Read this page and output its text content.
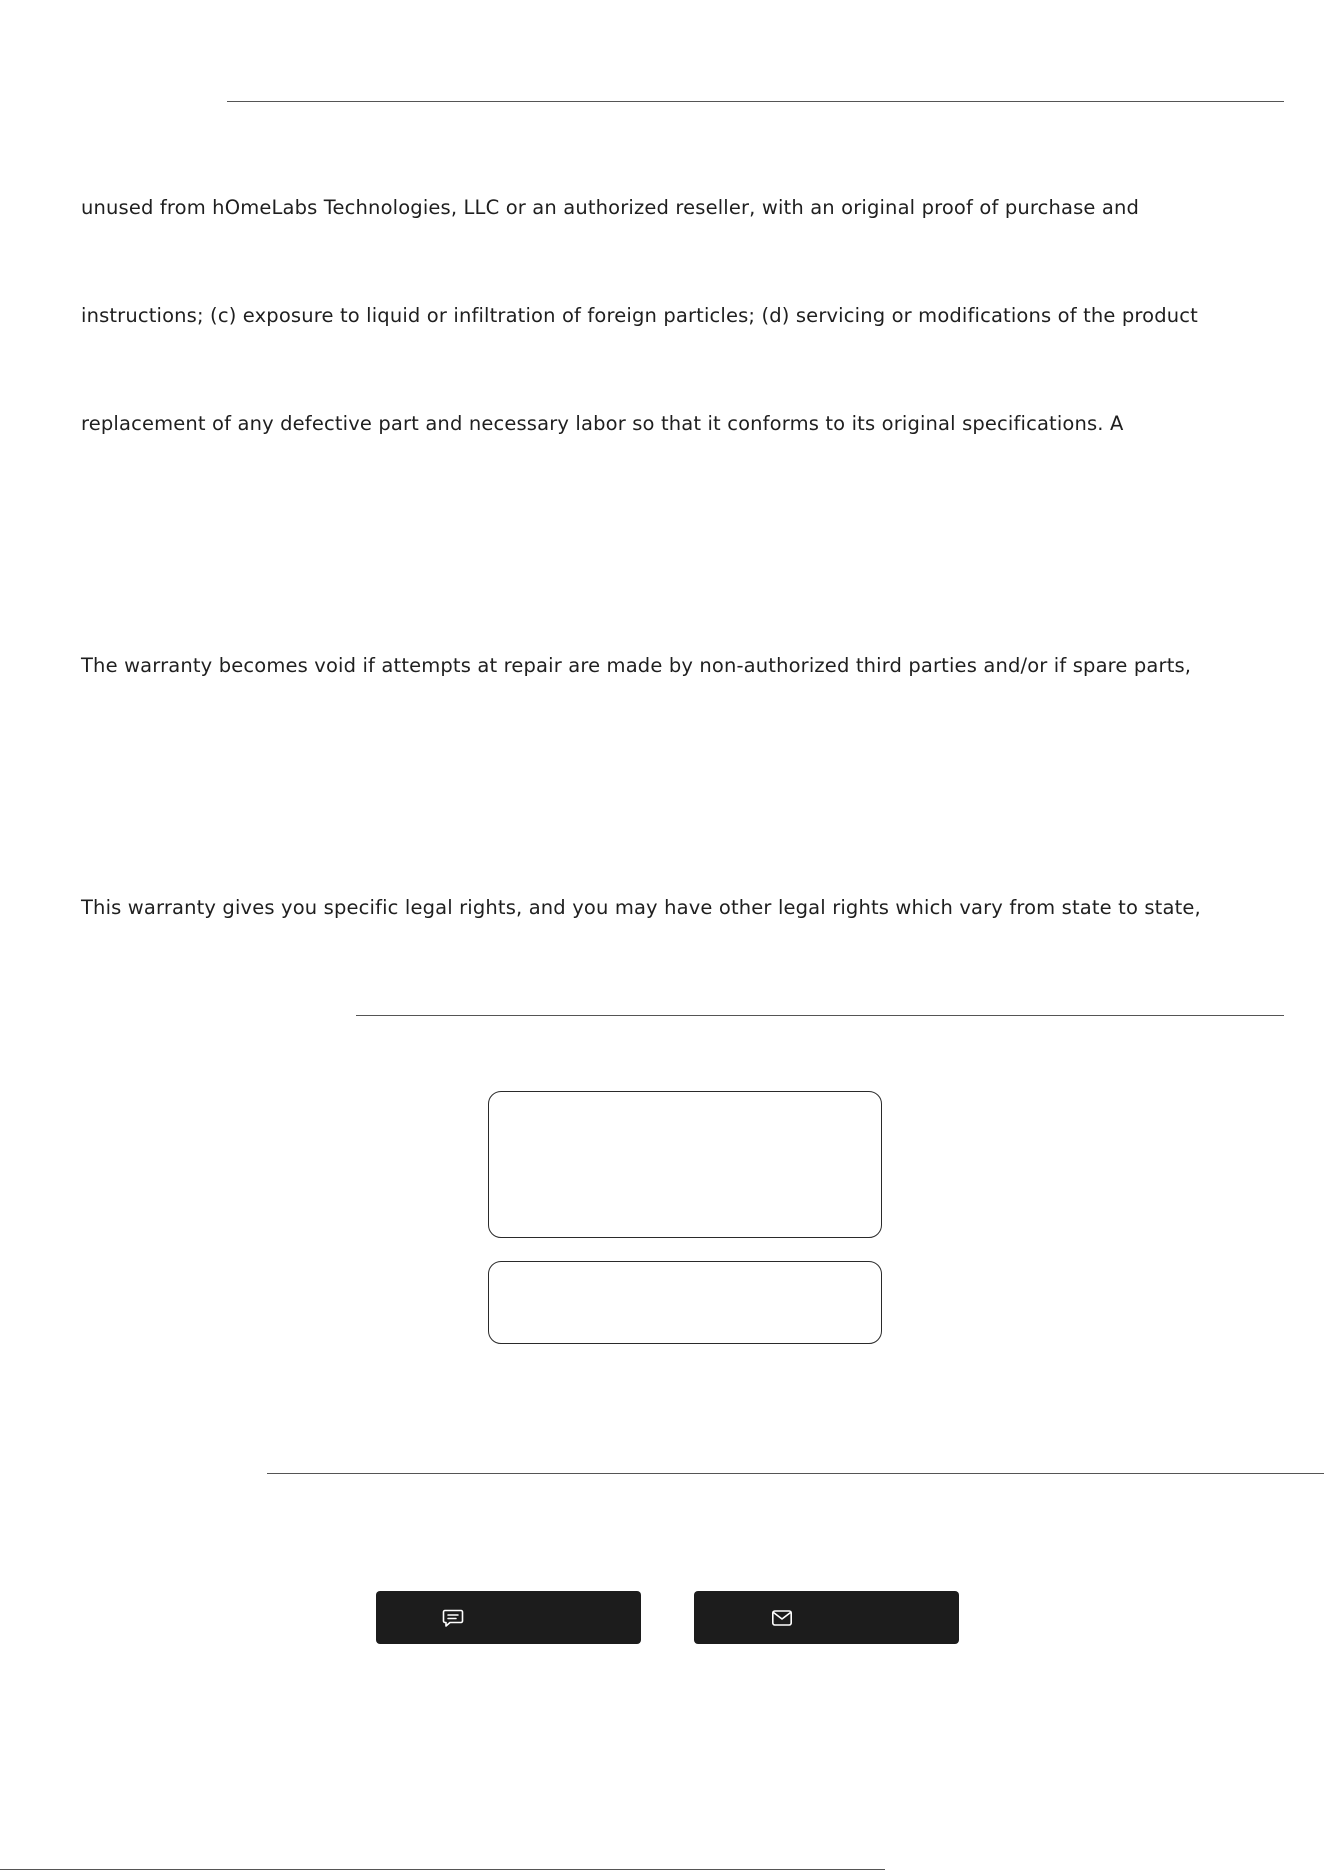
unused from hOmeLabs Technologies, LLC or an authorized reseller, with an original proof of purchase and

instructions; (c) exposure to liquid or infiltration of foreign particles; (d) servicing or modifications of the product

replacement of any defective part and necessary labor so that it conforms to its original specifications. A

The warranty becomes void if attempts at repair are made by non-authorized third parties and/or if spare parts,

This warranty gives you specific legal rights, and you may have other legal rights which vary from state to state,
